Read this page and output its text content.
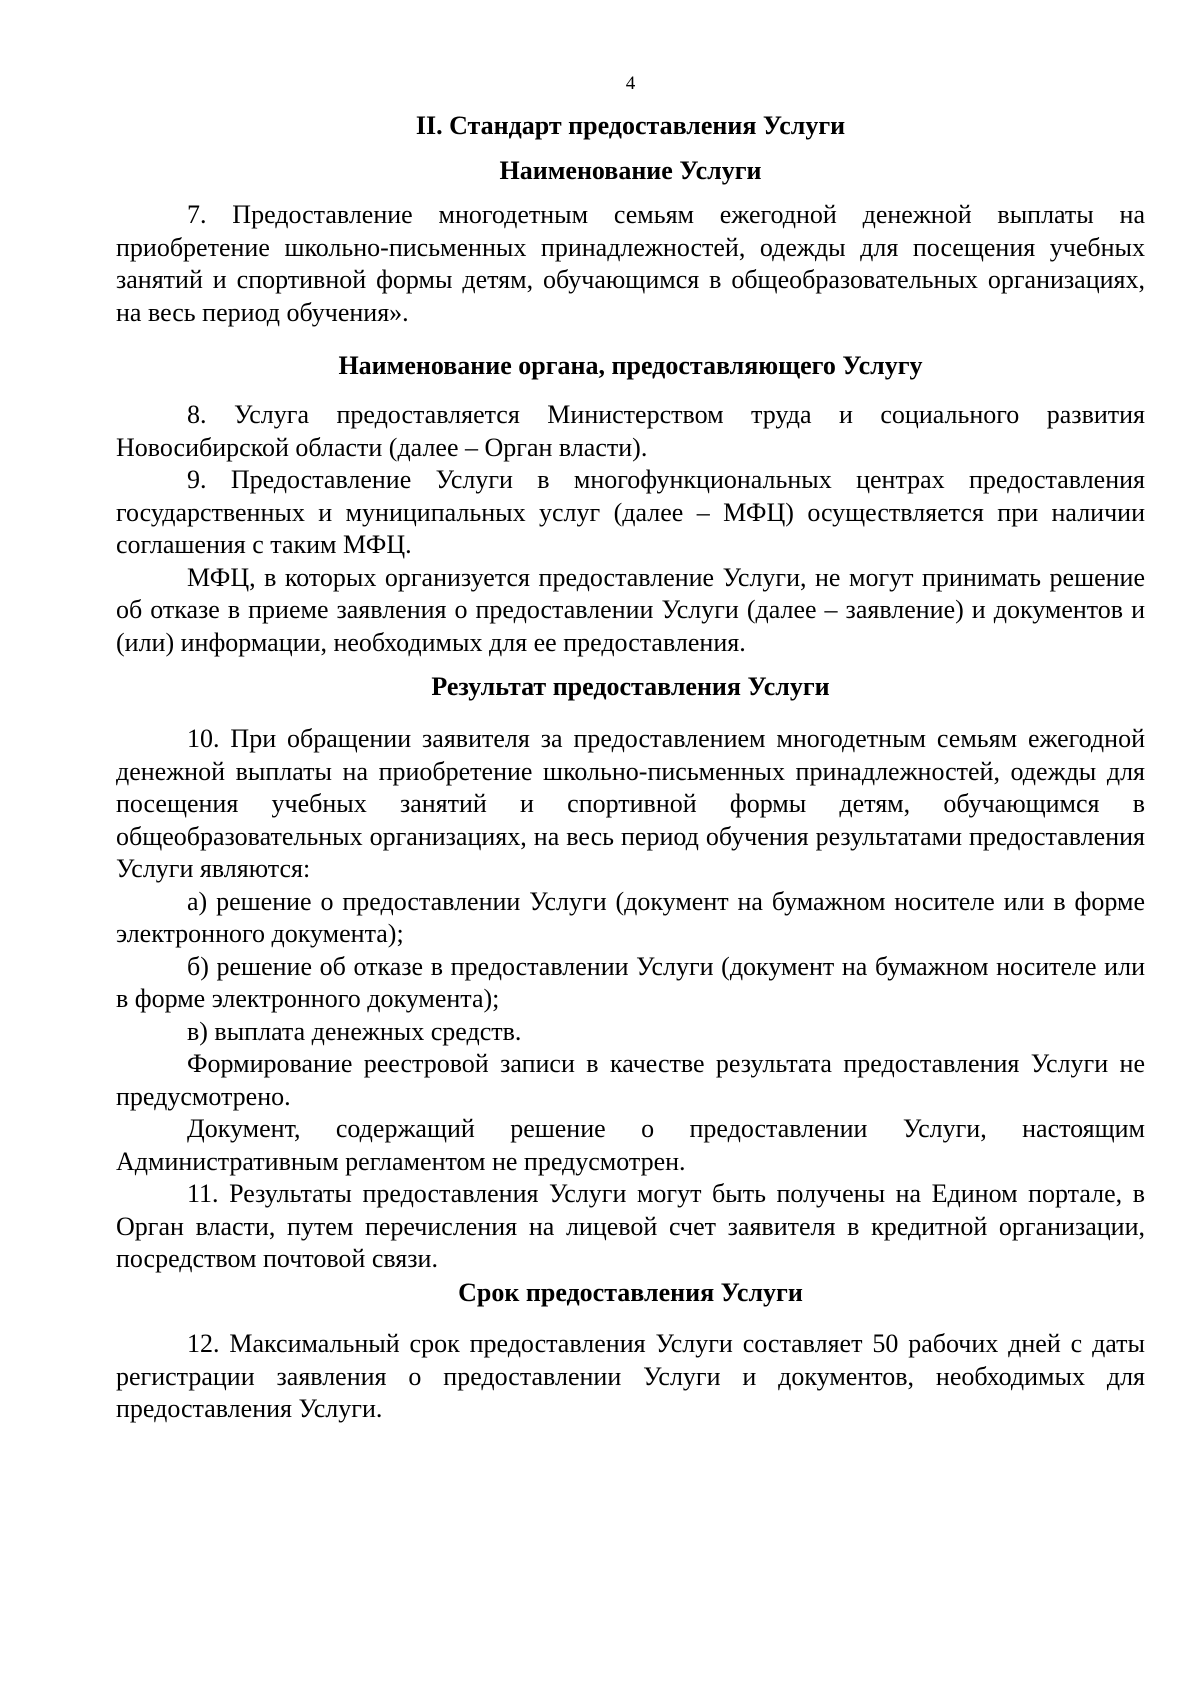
4
II. Стандарт предоставления Услуги
Наименование Услуги

7. Предоставление многодетным семьям ежегодной денежной выплаты на приобретение школьно-письменных принадлежностей, одежды для посещения учебных занятий и спортивной формы детям, обучающимся в общеобразовательных организациях, на весь период обучения».

Наименование органа, предоставляющего Услугу

8. Услуга предоставляется Министерством труда и социального развития Новосибирской области (далее – Орган власти).

9. Предоставление Услуги в многофункциональных центрах предоставления государственных и муниципальных услуг (далее – МФЦ) осуществляется при наличии соглашения с таким МФЦ.

МФЦ, в которых организуется предоставление Услуги, не могут принимать решение об отказе в приеме заявления о предоставлении Услуги (далее – заявление) и документов и (или) информации, необходимых для ее предоставления.

Результат предоставления Услуги

10. При обращении заявителя за предоставлением многодетным семьям ежегодной денежной выплаты на приобретение школьно-письменных принадлежностей, одежды для посещения учебных занятий и спортивной формы детям, обучающимся в общеобразовательных организациях, на весь период обучения результатами предоставления Услуги являются:

а) решение о предоставлении Услуги (документ на бумажном носителе или в форме электронного документа);

б) решение об отказе в предоставлении Услуги (документ на бумажном носителе или в форме электронного документа);

в) выплата денежных средств.

Формирование реестровой записи в качестве результата предоставления Услуги не предусмотрено.

Документ, содержащий решение о предоставлении Услуги, настоящим Административным регламентом не предусмотрен.

11. Результаты предоставления Услуги могут быть получены на Едином портале, в Орган власти, путем перечисления на лицевой счет заявителя в кредитной организации, посредством почтовой связи.

Срок предоставления Услуги

12. Максимальный срок предоставления Услуги составляет 50 рабочих дней с даты регистрации заявления о предоставлении Услуги и документов, необходимых для предоставления Услуги.
